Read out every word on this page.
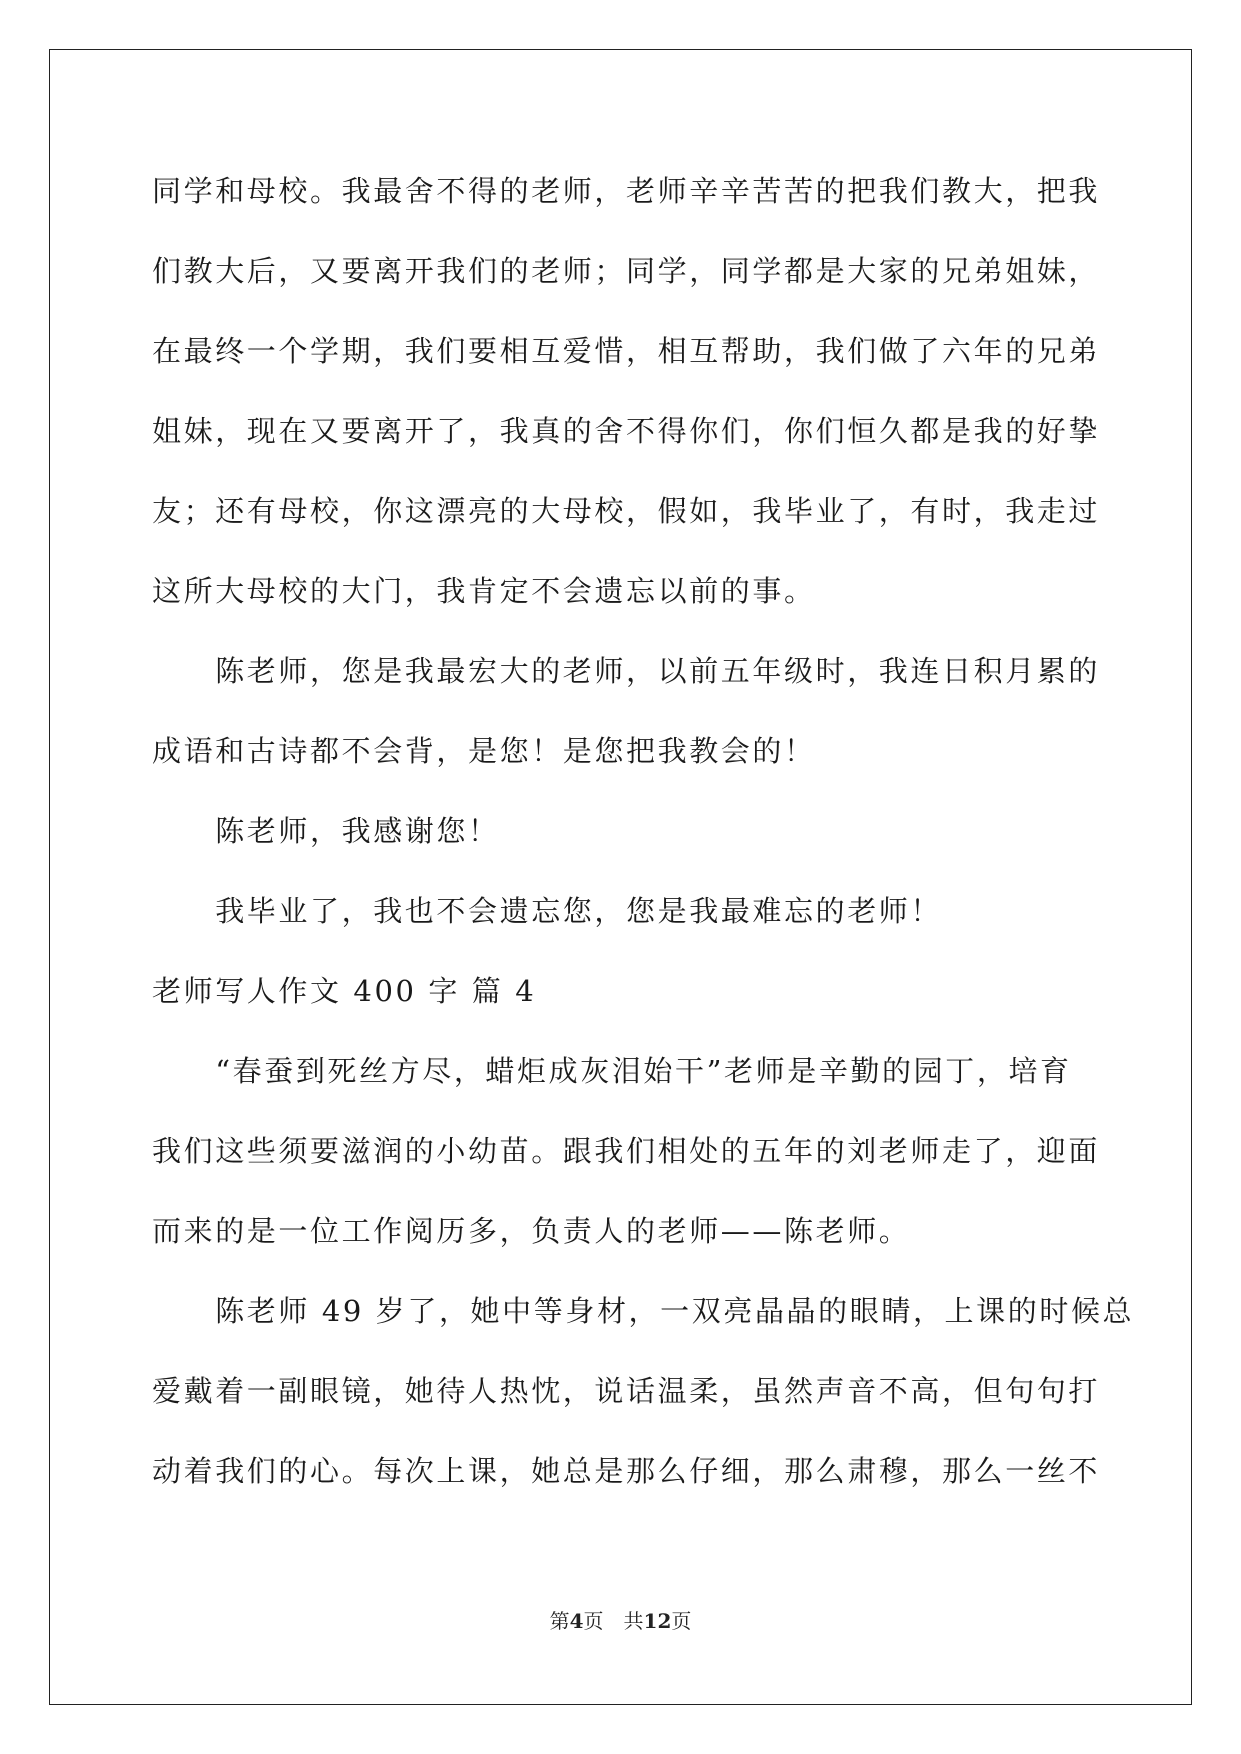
同学和母校。我最舍不得的老师，老师辛辛苦苦的把我们教大，把我
们教大后，又要离开我们的老师；同学，同学都是大家的兄弟姐妹，
在最终一个学期，我们要相互爱惜，相互帮助，我们做了六年的兄弟
姐妹，现在又要离开了，我真的舍不得你们，你们恒久都是我的好挚
友；还有母校，你这漂亮的大母校，假如，我毕业了，有时，我走过
这所大母校的大门，我肯定不会遗忘以前的事。
　　陈老师，您是我最宏大的老师，以前五年级时，我连日积月累的
成语和古诗都不会背，是您！是您把我教会的！
　　陈老师，我感谢您！
　　我毕业了，我也不会遗忘您，您是我最难忘的老师！
老师写人作文 400 字 篇 4
　　“春蚕到死丝方尽，蜡炬成灰泪始干”老师是辛勤的园丁，培育
我们这些须要滋润的小幼苗。跟我们相处的五年的刘老师走了，迎面
而来的是一位工作阅历多，负责人的老师——陈老师。
　　陈老师 49 岁了，她中等身材，一双亮晶晶的眼睛，上课的时候总
爱戴着一副眼镜，她待人热忱，说话温柔，虽然声音不高，但句句打
动着我们的心。每次上课，她总是那么仔细，那么肃穆，那么一丝不
第4页　共12页
